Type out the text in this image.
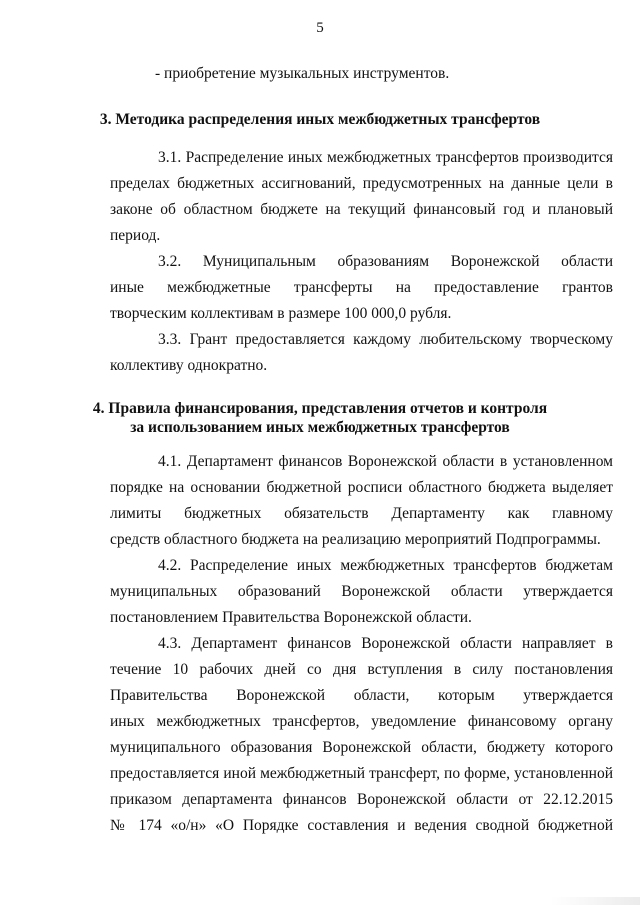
5
- приобретение музыкальных инструментов.
3. Методика распределения иных межбюджетных трансфертов
3.1. Распределение иных межбюджетных трансфертов производится
пределах бюджетных ассигнований, предусмотренных на данные цели в
законе об областном бюджете на текущий финансовый год и плановый
период.
3.2. Муниципальным образованиям Воронежской области
иные межбюджетные трансферты на предоставление грантов
творческим коллективам в размере 100 000,0 рубля.
3.3. Грант предоставляется каждому любительскому творческому
коллективу однократно.
4. Правила финансирования, представления отчетов и контроля
за использованием иных межбюджетных трансфертов
4.1. Департамент финансов Воронежской области в установленном
порядке на основании бюджетной росписи областного бюджета выделяет
лимиты бюджетных обязательств Департаменту как главному
средств областного бюджета на реализацию мероприятий Подпрограммы.
4.2. Распределение иных межбюджетных трансфертов бюджетам
муниципальных образований Воронежской области утверждается
постановлением Правительства Воронежской области.
4.3. Департамент финансов Воронежской области направляет в
течение 10 рабочих дней со дня вступления в силу постановления
Правительства Воронежской области, которым утверждается
иных межбюджетных трансфертов, уведомление финансовому органу
муниципального образования Воронежской области, бюджету которого
предоставляется иной межбюджетный трансферт, по форме, установленной
приказом департамента финансов Воронежской области от 22.12.2015
№ 174 «о/н» «О Порядке составления и ведения сводной бюджетной
